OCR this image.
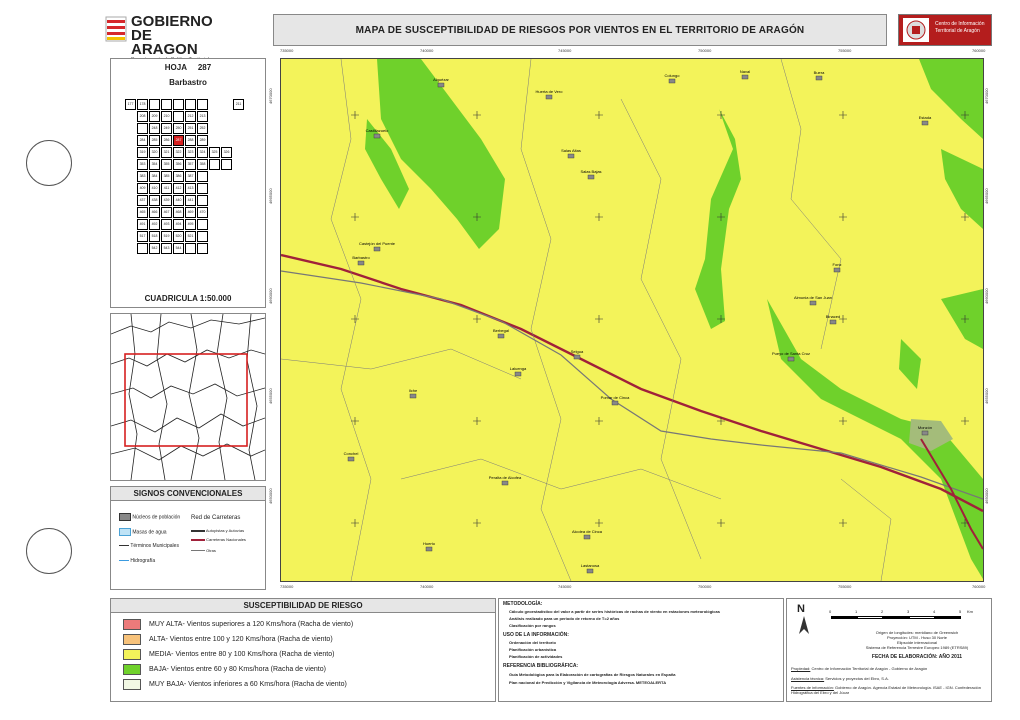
GOBIERNO
DE ARAGON
MAPA DE SUSCEPTIBILIDAD DE RIESGOS POR VIENTOS EN EL TERRITORIO DE ARAGÓN
Centro de Información
Territorial de Aragón
HOJA 287
Barbastro
177	178	211
208	209	210	212	213
248	249	250	251	252
284	285	286	287	288	289
319	320	321	322	323	324	325	326
353	354	355	356	357	358
383	384	385	386	387
409	410	411	412	413
437	438	439	440	441
465	466	467	468	469	470
491	492	493	494	495
517	518	519	520	521
542	543	544
CUADRICULA 1:50.000
SIGNOS CONVENCIONALES
Núcleos de población
Masas de agua
Términos Municipales
Hidrografía
Red de Carreteras
Autopistas y Autovías
Carreteras Nacionales
Otras
Huerta de Vero
Alquézar
Colungo
Naval	Buera
Castillazuelo
Salas Altas
Salas Bajas
Estada
Castejón del Puente
Barbastro
Monzón
Fonz
Berbegal
Selgua
Ilche
Pueyo de Santa Cruz
Binaced
Almunia de San Juan
Laluenga
Pomar de Cinca
Conchel
Peralta de Alcofea
Alcolea de Cinca
Huerto
Lastanosa
735000
735000
740000
740000
745000
745000
750000
750000
755000
755000
760000
760000
4670000	4670000
4665000	4665000
4660000	4660000
4655000	4655000
4650000	4650000
SUSCEPTIBILIDAD DE RIESGO
MUY ALTA - Vientos superiores a 120 Kms/hora (Racha de viento)
ALTA - Vientos entre 100 y 120 Kms/hora (Racha de viento)
MEDIA - Vientos entre 80 y 100 Kms/hora (Racha de viento)
BAJA - Vientos entre 60 y 80 Kms/hora (Racha de viento)
MUY BAJA - Vientos inferiores a 60 Kms/hora (Racha de viento)
METODOLOGÍA:
Cálculo geoestadístico del valor a partir de series históricas de rachas de viento en estaciones meteorológicas
Análisis realizado para un periodo de retorno de T=2 años
Clasificación por rangos
USO DE LA INFORMACIÓN:
Ordenación del territorio
Planificación urbanística
Planificación de actividades
REFERENCIA BIBLIOGRÁFICA:
Guía Metodológica para la Elaboración de cartografías de Riesgos Naturales en España
Plan nacional de Predicción y Vigilancia de Meteorología Adversa. METEOALERTA
N	0	1	2	3	4	5 Km
Origen de longitudes: meridiano de Greenwich
Proyección: UTM - Huso 30 Norte
Elipsoide internacional
Sistema de Referencia Terrestre Europeo 1989 (ETRS89)
FECHA DE ELABORACIÓN: AÑO 2011
Propiedad: Centro de Información Territorial de Aragón - Gobierno de Aragón
Asistencia técnica: Servicios y proyectos del Ebro, S.A.
Fuentes de información: Gobierno de Aragón. Agencia Estatal de Meteorología. ISAE - IGN. Confederación Hidrográfica del Ebro y del Júcar
